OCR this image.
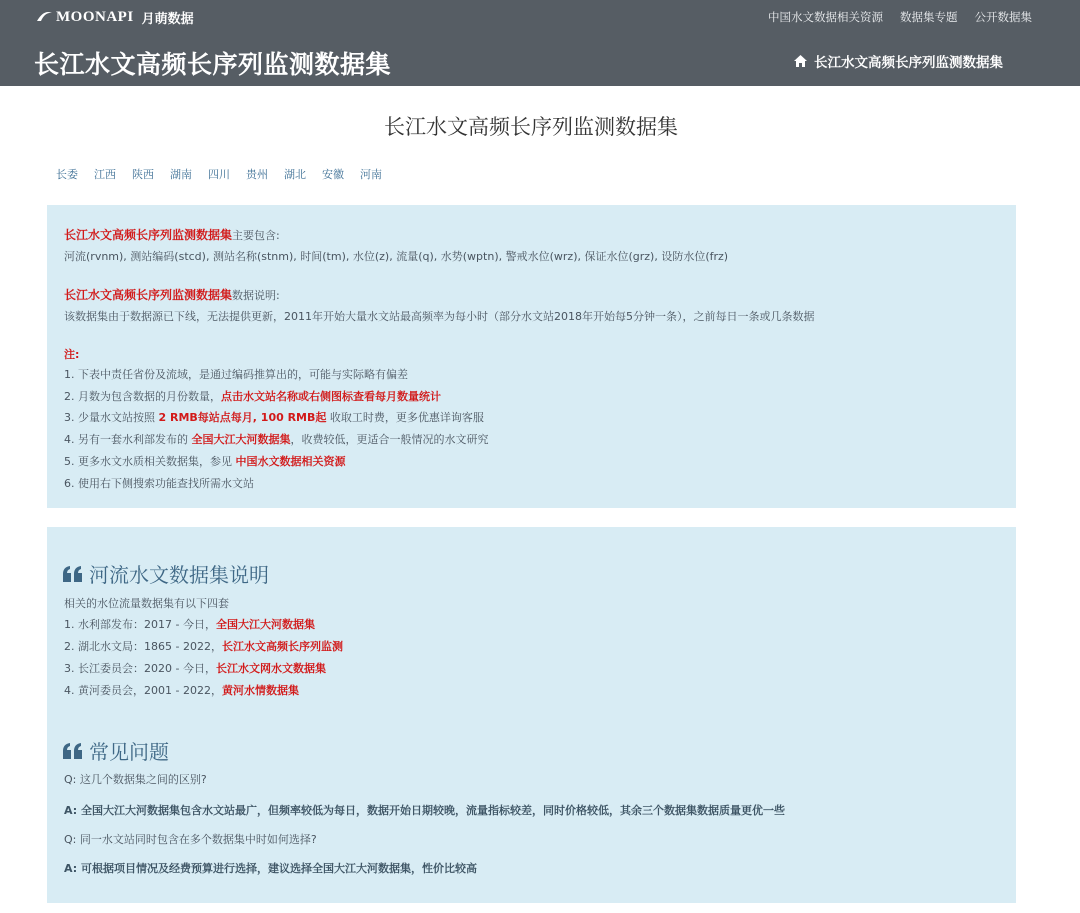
MOONAPI 月萌数据	中国水文数据相关资源 数据集专题 公开数据集
长江水文高频长序列监测数据集	长江水文高频长序列监测数据集
长江水文高频长序列监测数据集
长委 江西 陕西 湖南 四川 贵州 湖北 安徽 河南
长江水文高频长序列监测数据集主要包含:
河流(rvnm), 测站编码(stcd), 测站名称(stnm), 时间(tm), 水位(z), 流量(q), 水势(wptn), 警戒水位(wrz), 保证水位(grz), 设防水位(frz)
长江水文高频长序列监测数据集数据说明:
该数据集由于数据源已下线，无法提供更新，2011年开始大量水文站最高频率为每小时（部分水文站2018年开始每5分钟一条），之前每日一条或几条数据
注:
1. 下表中责任省份及流域，是通过编码推算出的，可能与实际略有偏差
2. 月数为包含数据的月份数量，点击水文站名称或右侧图标查看每月数量统计
3. 少量水文站按照 2 RMB每站点每月, 100 RMB起 收取工时费，更多优惠详询客服
4. 另有一套水利部发布的 全国大江大河数据集，收费较低，更适合一般情况的水文研究
5. 更多水文水质相关数据集，参见 中国水文数据相关资源
6. 使用右下侧搜索功能查找所需水文站
河流水文数据集说明
相关的水位流量数据集有以下四套
1. 水利部发布：2017 - 今日，全国大江大河数据集
2. 湖北水文局：1865 - 2022，长江水文高频长序列监测
3. 长江委员会：2020 - 今日，长江水文网水文数据集
4. 黄河委员会，2001 - 2022，黄河水情数据集
常见问题
Q: 这几个数据集之间的区别?
A: 全国大江大河数据集包含水文站最广，但频率较低为每日，数据开始日期较晚，流量指标较差，同时价格较低，其余三个数据集数据质量更优一些
Q: 同一水文站同时包含在多个数据集中时如何选择?
A: 可根据项目情况及经费预算进行选择，建议选择全国大江大河数据集，性价比较高
